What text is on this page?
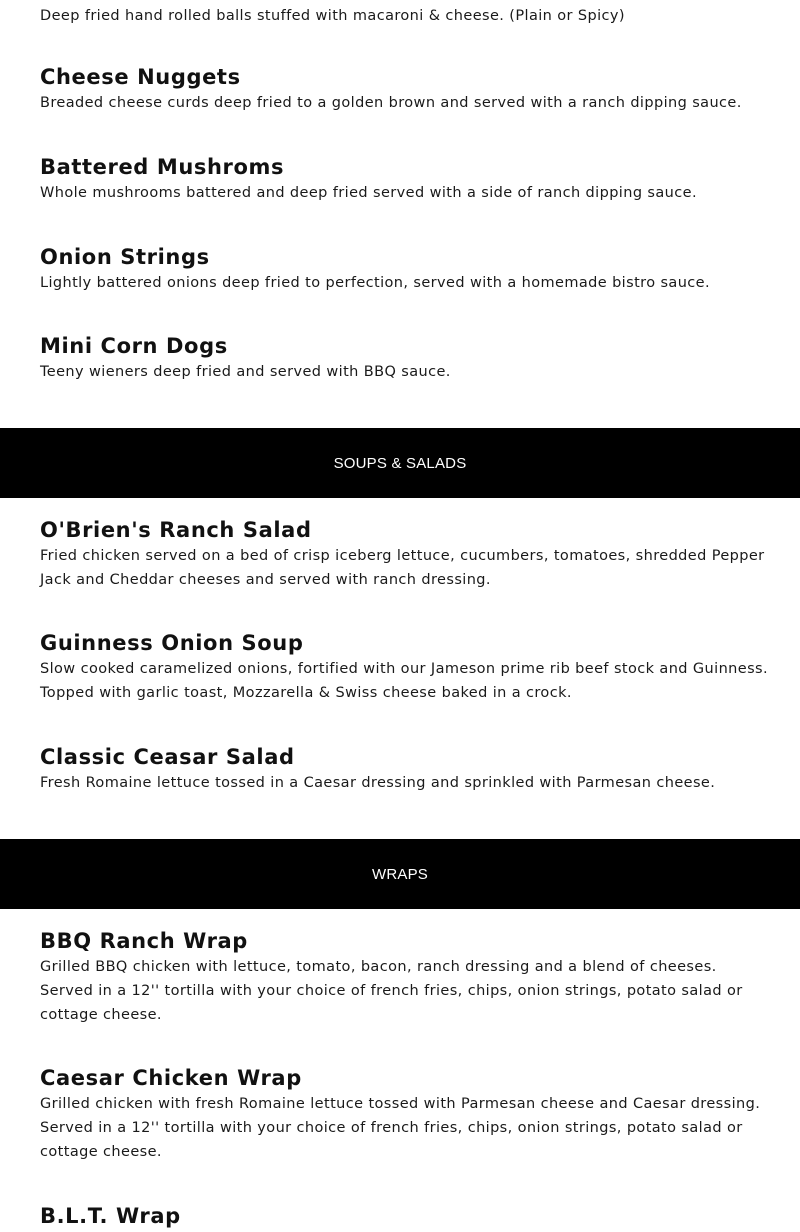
Deep fried hand rolled balls stuffed with macaroni & cheese. (Plain or Spicy)

Cheese Nuggets

Breaded cheese curds deep fried to a golden brown and served with a ranch dipping sauce.

Battered Mushroms

Whole mushrooms battered and deep fried served with a side of ranch dipping sauce.

Onion Strings

Lightly battered onions deep fried to perfection, served with a homemade bistro sauce.

Mini Corn Dogs

Teeny wieners deep fried and served with BBQ sauce.

SOUPS & SALADS
O'Brien's Ranch Salad

Fried chicken served on a bed of crisp iceberg lettuce, cucumbers, tomatoes, shredded Pepper Jack and Cheddar cheeses and served with ranch dressing.

Guinness Onion Soup

Slow cooked caramelized onions, fortified with our Jameson prime rib beef stock and Guinness. Topped with garlic toast, Mozzarella & Swiss cheese baked in a crock.

Classic Ceasar Salad

Fresh Romaine lettuce tossed in a Caesar dressing and sprinkled with Parmesan cheese.

WRAPS
BBQ Ranch Wrap

Grilled BBQ chicken with lettuce, tomato, bacon, ranch dressing and a blend of cheeses. Served in a 12'' tortilla with your choice of french fries, chips, onion strings, potato salad or cottage cheese.

Caesar Chicken Wrap

Grilled chicken with fresh Romaine lettuce tossed with Parmesan cheese and Caesar dressing. Served in a 12'' tortilla with your choice of french fries, chips, onion strings, potato salad or cottage cheese.

B.L.T. Wrap
